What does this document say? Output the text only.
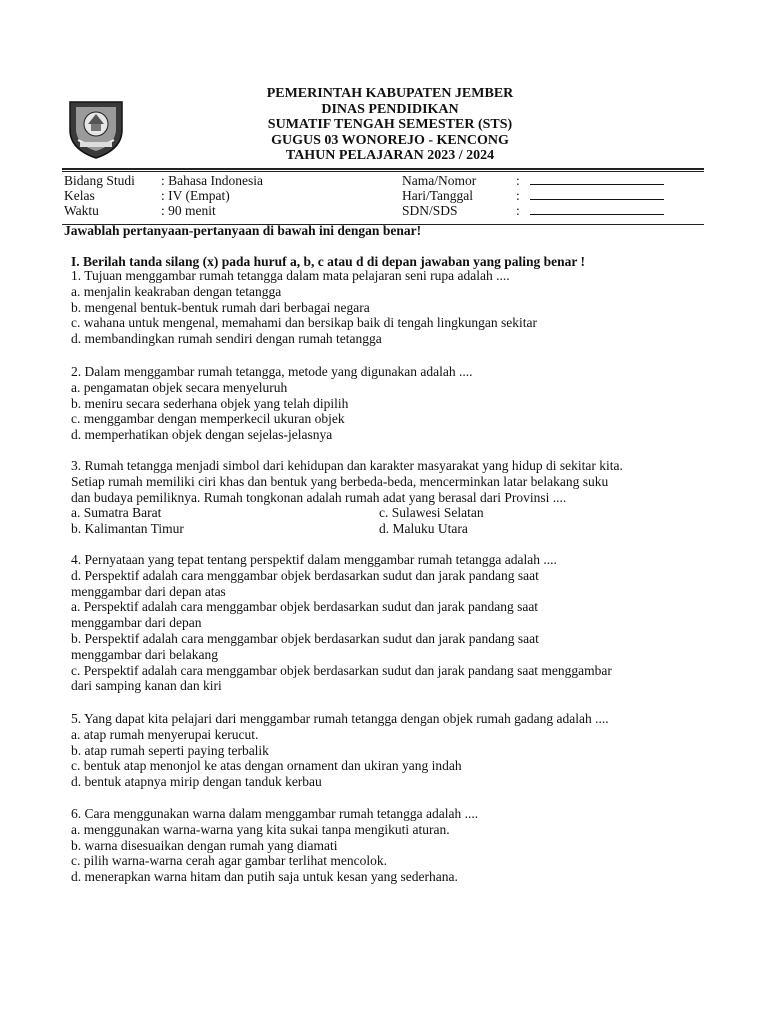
PEMERINTAH KABUPATEN JEMBER
DINAS PENDIDIKAN
SUMATIF TENGAH SEMESTER (STS)
GUGUS 03 WONOREJO - KENCONG
TAHUN PELAJARAN 2023 / 2024
Bidang Studi	: Bahasa Indonesia
Kelas	: IV (Empat)
Waktu	: 90 menit
Nama/Nomor	:
Hari/Tanggal	:
SDN/SDS	:
Jawablah pertanyaan-pertanyaan di bawah ini dengan benar!
I. Berilah tanda silang (x) pada huruf a, b, c atau d di depan jawaban yang paling benar !
1. Tujuan menggambar rumah tetangga dalam mata pelajaran seni rupa adalah ....
a. menjalin keakraban dengan tetangga
b. mengenal bentuk-bentuk rumah dari berbagai negara
c. wahana untuk mengenal, memahami dan bersikap baik di tengah lingkungan sekitar
d. membandingkan rumah sendiri dengan rumah tetangga
2. Dalam menggambar rumah tetangga, metode yang digunakan adalah ....
a. pengamatan objek secara menyeluruh
b. meniru secara sederhana objek yang telah dipilih
c. menggambar dengan memperkecil ukuran objek
d. memperhatikan objek dengan sejelas-jelasnya
3. Rumah tetangga menjadi simbol dari kehidupan dan karakter masyarakat yang hidup di sekitar kita.
Setiap rumah memiliki ciri khas dan bentuk yang berbeda-beda, mencerminkan latar belakang suku
dan budaya pemiliknya. Rumah tongkonan adalah rumah adat yang berasal dari Provinsi ....
a. Sumatra Barat	c. Sulawesi Selatan
b. Kalimantan Timur	d. Maluku Utara
4. Pernyataan yang tepat tentang perspektif dalam menggambar rumah tetangga adalah ....
d. Perspektif adalah cara menggambar objek berdasarkan sudut dan jarak pandang saat
menggambar dari depan atas
a. Perspektif adalah cara menggambar objek berdasarkan sudut dan jarak pandang saat
menggambar dari depan
b. Perspektif adalah cara menggambar objek berdasarkan sudut dan jarak pandang saat
menggambar dari belakang
c. Perspektif adalah cara menggambar objek berdasarkan sudut dan jarak pandang saat menggambar
dari samping kanan dan kiri
5. Yang dapat kita pelajari dari menggambar rumah tetangga dengan objek rumah gadang adalah ....
a. atap rumah menyerupai kerucut.
b. atap rumah seperti paying terbalik
c. bentuk atap menonjol ke atas dengan ornament dan ukiran yang indah
d. bentuk atapnya mirip dengan tanduk kerbau
6. Cara menggunakan warna dalam menggambar rumah tetangga adalah ....
a. menggunakan warna-warna yang kita sukai tanpa mengikuti aturan.
b. warna disesuaikan dengan rumah yang diamati
c. pilih warna-warna cerah agar gambar terlihat mencolok.
d. menerapkan warna hitam dan putih saja untuk kesan yang sederhana.
